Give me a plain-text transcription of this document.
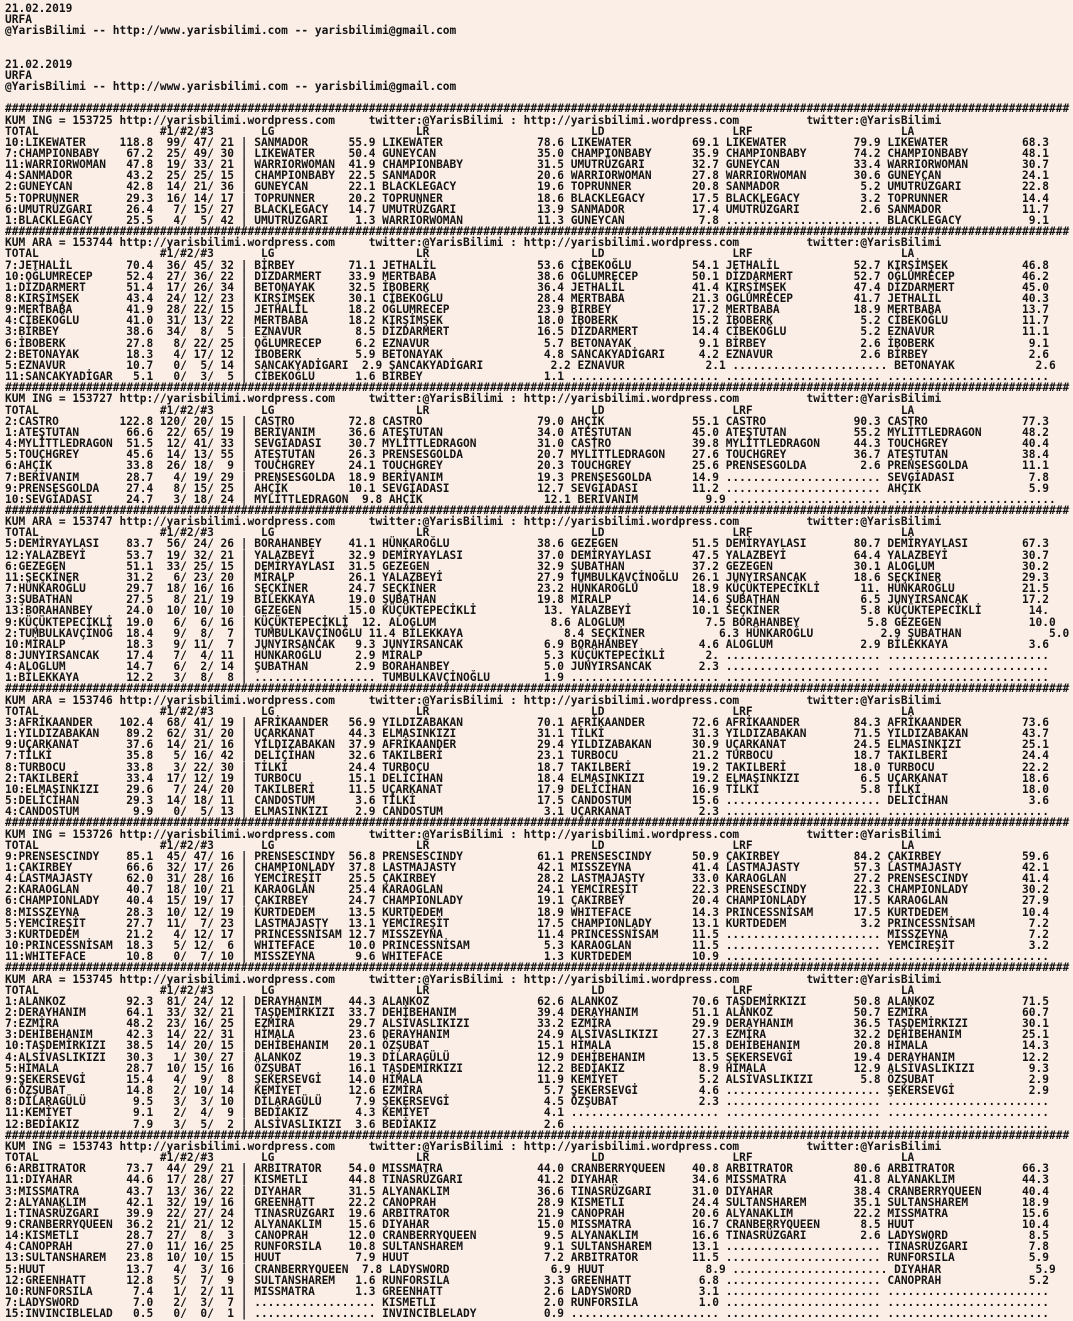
21.02.2019
URFA
@YarisBilimi -- http://www.yarisbilimi.com -- yarisbilimi@gmail.com
21.02.2019
URFA
@YarisBilimi -- http://www.yarisbilimi.com -- yarisbilimi@gmail.com
##############################################################################################################################################################
KUM ING = 153725 http://yarisbilimi.wordpress.com     twitter:@YarisBilimi : http://yarisbilimi.wordpress.com          twitter:@YarisBilimi
TOTAL                  #1/#2/#3       LG                     LR                        LD                   LRF                      LA
10:LIKEWATER     118.8  99/ 47/ 21 | SANMADOR      55.9 LIKEWATER              78.6 LIKEWATER         69.1 LIKEWATER          79.9 LIKEWATER           68.3
7:CHAMPIONBABY    67.2  25/ 49/ 30 | LIKEWATER     50.4 GUNEYCAN               35.0 CHAMPIONBABY      35.9 CHAMPIONBABY       74.2 CHAMPIONBABY        48.1
11:WARRIORWOMAN   47.8  19/ 33/ 21 | WARRIORWOMAN  41.9 CHAMPIONBABY           31.5 UMUTRÜZGARI       32.7 GUNEYCAN           33.4 WARRIORWOMAN        30.7
4:SANMADOR        43.2  25/ 25/ 15 | CHAMPIONBABY  22.5 SANMADOR               20.6 WARRIORWOMAN      27.8 WARRIORWOMAN       30.6 GUNEYCAN            24.1
2:GUNEYCAN        42.8  14/ 21/ 36 | GUNEYCAN      22.1 BLACKLEGACY            19.6 TOPRUNNER         20.8 SANMADOR            5.2 UMUTRÜZGARI         22.8
5:TOPRUNNER       29.3  16/ 14/ 17 | TOPRUNNER     20.2 TOPRUNNER              18.6 BLACKLEGACY       17.5 BLACKLEGACY         3.2 TOPRUNNER           14.4
6:UMUTRÜZGARI     26.4   7/ 15/ 27 | BLACKLEGACY   14.7 UMUTRÜZGARI            13.9 SANMADOR          17.4 UMUTRÜZGARI         2.6 SANMADOR            11.7
1:BLACKLEGACY     25.5   4/  5/ 42 | UMUTRÜZGARI    1.3 WARRIORWOMAN           11.3 GUNEYCAN           7.8 ....................... BLACKLEGACY          9.1
##############################################################################################################################################################
KUM ARA = 153744 http://yarisbilimi.wordpress.com     twitter:@YarisBilimi : http://yarisbilimi.wordpress.com          twitter:@YarisBilimi
TOTAL                  #1/#2/#3       LG                     LR                        LD                   LRF                      LA
7:JETHALİL        70.4  36/ 45/ 32 | BİRBEY        71.1 JETHALİL               53.6 CİBEKOĞLU         54.1 JETHALİL           52.7 KIRŞİMŞEK           46.8
10:OĞLUMRECEP     52.4  27/ 36/ 22 | DİZDARMERT    33.9 MERTBABA               38.6 OĞLUMRECEP        50.1 DİZDARMERT         52.7 OĞLUMRECEP          46.2
1:DİZDARMERT      51.4  17/ 26/ 34 | BETONAYAK     32.5 İBOBERK                36.4 JETHALİL          41.4 KIRŞİMŞEK          47.4 DİZDARMERT          45.0
8:KIRŞİMŞEK       43.4  24/ 12/ 23 | KIRŞİMŞEK     30.1 CİBEKOĞLU              28.4 MERTBABA          21.3 OĞLUMRECEP         41.7 JETHALİL            40.3
9:MERTBABA        41.9  28/ 22/ 15 | JETHALİL      18.2 OĞLUMRECEP             23.9 BİRBEY            17.2 MERTBABA           18.9 MERTBABA            13.7
4:CİBEKOĞLU       41.0  31/ 13/ 22 | MERTBABA      18.2 KIRŞİMŞEK              18.0 İBOBERK           15.2 İBOBERK             5.2 CİBEKOĞLU           11.7
3:BİRBEY          38.6  34/  8/  5 | EZNAVUR        8.5 DİZDARMERT             16.5 DİZDARMERT        14.4 CİBEKOĞLU           5.2 EZNAVUR             11.1
6:İBOBERK         27.8   8/ 22/ 25 | OĞLUMRECEP     6.2 EZNAVUR                 5.7 BETONAYAK          9.1 BİRBEY              2.6 İBOBERK              9.1
2:BETONAYAK       18.3   4/ 17/ 12 | İBOBERK        5.9 BETONAYAK               4.8 SANCAKYADİGARI     4.2 EZNAVUR             2.6 BİRBEY               2.6
5:EZNAVUR         10.7   0/  5/ 14 | SANCAKYADİGARI  2.9 SANCAKYADİGARI          2.2 EZNAVUR            2.1 ....................... BETONAYAK            2.6
11:SANCAKYADİGAR   5.1   0/  3/  5 | CİBEKOĞLU      1.6 BİRBEY                  1.1 ...................... ....................... ........................
##############################################################################################################################################################
KUM ING = 153727 http://yarisbilimi.wordpress.com     twitter:@YarisBilimi : http://yarisbilimi.wordpress.com          twitter:@YarisBilimi
TOTAL                  #1/#2/#3       LG                     LR                        LD                   LRF                      LA
2:CASTRO         122.8 120/ 20/ 15 | CASTRO        72.8 CASTRO                 79.0 AHÇİK             55.1 CASTRO             90.3 CASTRO              77.3
1:ATEŞTUTAN       66.6  22/ 65/ 19 | BERİVANIM     36.6 ATEŞTUTAN              34.0 ATEŞTUTAN         45.0 ATEŞTUTAN          55.2 MYLİTTLEDRAGON      48.2
4:MYLİTTLEDRAGON  51.5  12/ 41/ 33 | SEVGİADASI    30.7 MYLİTTLEDRAGON         31.0 CASTRO            39.8 MYLİTTLEDRAGON     44.3 TOUCHGREY           40.4
5:TOUCHGREY       45.6  14/ 13/ 55 | ATEŞTUTAN     26.3 PRENSESGOLDA           20.7 MYLİTTLEDRAGON    27.6 TOUCHGREY          36.7 ATEŞTUTAN           38.4
6:AHÇİK           33.8  26/ 18/  9 | TOUCHGREY     24.1 TOUCHGREY              20.3 TOUCHGREY         25.6 PRENSESGOLDA        2.6 PRENSESGOLDA        11.1
7:BERİVANIM       28.7   4/ 19/ 29 | PRENSESGOLDA  18.9 BERİVANIM              19.3 PRENSESGOLDA      14.9 ....................... SEVGİADASI           7.8
9:PRENSESGOLDA    27.4   8/ 15/ 25 | AHÇİK         10.1 SEVGİADASI             12.7 SEVGİADASI        11.2 ....................... AHÇİK                5.9
10:SEVGİADASI     24.7   3/ 18/ 24 | MYLİTTLEDRAGON  9.8 AHÇİK                  12.1 BERİVANIM          9.9 ....................... ........................
##############################################################################################################################################################
KUM ARA = 153747 http://yarisbilimi.wordpress.com     twitter:@YarisBilimi : http://yarisbilimi.wordpress.com          twitter:@YarisBilimi
TOTAL                  #1/#2/#3       LG                     LR                        LD                   LRF                      LA
5:DEMİRYAYLASI    83.7  56/ 24/ 26 | BORAHANBEY    41.1 HÜNKAROĞLU             38.6 GEZEGEN           51.5 DEMİRYAYLASI       80.7 DEMİRYAYLASI        67.3
12:YALAZBEYİ      53.7  19/ 32/ 21 | YALAZBEYİ     32.9 DEMİRYAYLASI           37.0 DEMİRYAYLASI      47.5 YALAZBEYİ          64.4 YALAZBEYİ           30.7
6:GEZEGEN         51.1  33/ 25/ 15 | DEMİRYAYLASI  31.5 GEZEGEN                32.9 ŞUBATHAN          37.2 GEZEGEN            30.1 ALOGLUM             30.2
11:SEÇKİNER       31.2   6/ 23/ 20 | MİRALP        26.1 YALAZBEYİ              27.9 TUMBULKAVÇİNOĞLU  26.1 JUNYIRSANCAK       18.6 SEÇKİNER            29.3
7:HÜNKAROĞLU      29.7  18/ 16/ 16 | SEÇKİNER      24.7 SEÇKİNER               23.2 HÜNKAROĞLU        18.9 KÜÇÜKTEPECİKLİ      11. HÜNKAROĞLU          21.5
3:ŞUBATHAN        27.5   8/ 21/ 19 | BİLEKKAYA     19.0 ŞUBATHAN               19.8 MİRALP            14.6 ŞUBATHAN            6.5 JUNYIRSANCAK        17.2
13:BORAHANBEY     24.0  10/ 10/ 10 | GEZEGEN       15.0 KÜÇÜKTEPECİKLİ          13. YALAZBEYİ         10.1 SEÇKİNER            5.8 KÜÇÜKTEPECİKLİ       14.
9:KÜÇÜKTEPECİKLİ  19.0   6/  6/ 16 | KÜÇÜKTEPECİKLİ  12. ALOGLUM                 8.6 ALOGLUM            7.5 BORAHANBEY          5.8 GEZEGEN             10.0
2:TUMBULKAVÇİNOĞ  18.4   9/  8/  7 | TUMBULKAVÇİNOĞLU 11.4 BİLEKKAYA               8.4 SEÇKİNER           6.3 HÜNKAROĞLU          2.9 ŞUBATHAN             5.0
10:MİRALP         18.3   9/ 11/  7 | JUNYIRSANCAK   9.3 JUNYIRSANCAK            6.9 BORAHANBEY         4.6 ALOGLUM             2.9 BİLEKKAYA            3.6
8:JUNYIRSANCAK    17.4   7/  4/ 11 | HÜNKAROĞLU     2.9 MİRALP                  5.3 KÜÇÜKTEPECİKLİ      2. ....................... ........................
4:ALOGLUM         14.7   6/  2/ 14 | ŞUBATHAN       2.9 BORAHANBEY              5.0 JUNYIRSANCAK       2.3 ....................... ........................
1:BİLEKKAYA       12.2   3/  8/  8 | .................. TUMBULKAVÇİNOĞLU        1.9 ...................... ....................... ........................
##############################################################################################################################################################
KUM ARA = 153746 http://yarisbilimi.wordpress.com     twitter:@YarisBilimi : http://yarisbilimi.wordpress.com          twitter:@YarisBilimi
TOTAL                  #1/#2/#3       LG                     LR                        LD                   LRF                      LA
3:AFRİKAANDER    102.4  68/ 41/ 19 | AFRİKAANDER   56.9 YILDIZABAKAN           70.1 AFRİKAANDER       72.6 AFRİKAANDER        84.3 AFRİKAANDER         73.6
1:YILDIZABAKAN    89.2  62/ 31/ 20 | UÇARKANAT     44.3 ELMASINKIZI            31.1 TİLKİ             31.3 YILDIZABAKAN       71.5 YILDIZABAKAN        43.7
9:UÇARKANAT       37.6  14/ 21/ 16 | YILDIZABAKAN  37.9 AFRİKAANDER            29.4 YILDIZABAKAN      30.9 UÇARKANAT          24.5 ELMASINKIZI         25.1
7:TİLKİ           35.8   5/ 16/ 42 | DELİÇİHAN     32.6 TAKILBERİ              23.1 TURBOCU           21.2 TURBOCU            18.7 TAKILBERİ           24.4
8:TURBOCU         33.8   3/ 22/ 30 | TİLKİ         24.4 TURBOCU                18.7 TAKILBERİ         19.2 TAKILBERİ          18.0 TURBOCU             22.2
2:TAKILBERİ       33.4  17/ 12/ 19 | TURBOCU       15.1 DELİCİHAN              18.4 ELMASINKIZI       19.2 ELMASINKIZI         6.5 UÇARKANAT           18.6
10:ELMASINKIZI    29.6   7/ 24/ 20 | TAKILBERİ     11.5 UÇARKANAT              17.9 DELİCİHAN         16.9 TİLKİ               5.8 TİLKİ               18.0
5:DELİCİHAN       29.3  14/ 18/ 11 | CANDOSTUM      3.6 TİLKİ                  17.5 CANDOSTUM         15.6 ....................... DELİCİHAN            3.6
4:CANDOSTUM        9.9   0/  5/ 13 | ELMASINKIZI    2.9 CANDOSTUM               3.1 UÇARKANAT          2.3 ....................... ........................
##############################################################################################################################################################
KUM ING = 153726 http://yarisbilimi.wordpress.com     twitter:@YarisBilimi : http://yarisbilimi.wordpress.com          twitter:@YarisBilimi
TOTAL                  #1/#2/#3       LG                     LR                        LD                   LRF                      LA
9:PRENSESCINDY    85.1  45/ 47/ 16 | PRENSESCINDY  56.8 PRENSESCINDY           61.1 PRENSESCINDY      50.9 ÇAKIRBEY           84.2 ÇAKIRBEY            59.6
1:ÇAKIRBEY        66.6  32/ 17/ 26 | CHAMPIONLADY  37.8 LASTMAJASTY            42.1 MISSZEYNA         41.4 LASTMAJASTY        57.3 LASTMAJASTY         42.1
4:LASTMAJASTY     62.0  31/ 28/ 16 | YEMCİREŞİT    25.5 ÇAKIRBEY               28.2 LASTMAJASTY       33.0 KARAOGLAN          27.2 PRENSESCINDY        41.4
2:KARAOGLAN       40.7  18/ 10/ 21 | KARAOGLAN     25.4 KARAOGLAN              24.1 YEMCİREŞİT        22.3 PRENSESCINDY       22.3 CHAMPIONLADY        30.2
6:CHAMPIONLADY    40.4  15/ 19/ 17 | ÇAKIRBEY      24.7 CHAMPIONLADY           19.1 ÇAKIRBEY          20.4 CHAMPIONLADY       17.5 KARAOGLAN           27.9
8:MISSZEYNA       28.3  10/ 12/ 19 | KURTDEDEM     13.5 KURTDEDEM              18.9 WHITEFACE         14.3 PRINCESSNİSAM      17.5 KURTDEDEM           10.4
5:YEMCİREŞİT      27.7  11/  7/ 23 | LASTMAJASTY   13.1 YEMCİREŞİT             17.5 CHAMPIONLADY      13.1 KURTDEDEM           3.2 PRINCESSNİSAM        7.2
3:KURTDEDEM       21.2   4/ 12/ 17 | PRINCESSNİSAM 12.7 MISSZEYNA              11.4 PRINCESSNİSAM     11.5 ....................... MISSZEYNA            7.2
10:PRINCESSNİSAM  18.3   5/ 12/  6 | WHITEFACE     10.0 PRINCESSNİSAM           5.3 KARAOGLAN         11.5 ....................... YEMCİREŞİT           3.2
11:WHITEFACE      10.8   0/  7/ 10 | MISSZEYNA      9.6 WHITEFACE               1.3 KURTDEDEM         10.9 ....................... ........................
##############################################################################################################################################################
KUM ARA = 153745 http://yarisbilimi.wordpress.com     twitter:@YarisBilimi : http://yarisbilimi.wordpress.com          twitter:@YarisBilimi
TOTAL                  #1/#2/#3       LG                     LR                        LD                   LRF                      LA
1:ALANKOZ         92.3  81/ 24/ 12 | DERAYHANIM    44.3 ALANKOZ                62.6 ALANKOZ           70.6 TAŞDEMİRKIZI       50.8 ALANKOZ             71.5
2:DERAYHANIM      64.1  33/ 32/ 21 | TAŞDEMİRKIZI  33.7 DEHİBEHANIM            39.4 DERAYHANIM        51.1 ALANKOZ            50.7 EZMİRA              60.7
7:EZMİRA          48.2  23/ 16/ 25 | EZMİRA        29.7 ALSİVASLIKIZI          33.2 EZMİRA            29.9 DERAYHANIM         36.5 TAŞDEMİRKIZI        30.1
3:DEHİBEHANIM     42.3  14/ 22/ 31 | HİMALA        23.6 DERAYHANIM             24.9 ALSİVASLIKIZI     27.3 EZMİRA             32.2 DEHİBEHANIM         25.1
10:TAŞDEMİRKIZI   38.5  14/ 20/ 15 | DEHİBEHANIM   20.1 ÖZŞUBAT                15.1 HİMALA            15.8 DEHİBEHANIM        20.8 HİMALA              14.3
4:ALSİVASLIKIZI   30.3   1/ 30/ 27 | ALANKOZ       19.3 DİLARAGÜLÜ             12.9 DEHİBEHANIM       13.5 ŞEKERSEVGİ         19.4 DERAYHANIM          12.2
5:HİMALA          28.7  10/ 15/ 16 | ÖZŞUBAT       16.1 TAŞDEMİRKIZI           12.2 BEDİAKIZ           8.9 HİMALA             12.9 ALSİVASLIKIZI        9.3
9:ŞEKERSEVGİ      15.4   4/  9/  8 | ŞEKERSEVGİ    14.0 HİMALA                 11.9 KEMİYET            5.2 ALSİVASLIKIZI       5.8 ÖZŞUBAT              2.9
6:ÖZŞUBAT         14.8   2/ 10/ 14 | KEMİYET       12.6 EZMİRA                  5.7 ŞEKERSEVGİ         4.6 ....................... ŞEKERSEVGİ           2.9
8:DİLARAGÜLÜ       9.5   3/  3/ 10 | DİLARAGÜLÜ     7.9 ŞEKERSEVGİ              4.5 ÖZŞUBAT            2.3 ....................... ........................
11:KEMİYET         9.1   2/  4/  9 | BEDİAKIZ       4.3 KEMİYET                 4.1 ...................... ....................... ........................
12:BEDİAKIZ        7.9   3/  5/  2 | ALSİVASLIKIZI  3.6 BEDİAKIZ                2.6 ...................... ....................... ........................
##############################################################################################################################################################
KUM ING = 153743 http://yarisbilimi.wordpress.com     twitter:@YarisBilimi : http://yarisbilimi.wordpress.com          twitter:@YarisBilimi
TOTAL                  #1/#2/#3       LG                     LR                        LD                   LRF                      LA
6:ARBITRATOR      73.7  44/ 29/ 21 | ARBITRATOR    54.0 MISSMATRA              44.0 CRANBERRYQUEEN    40.8 ARBITRATOR         80.6 ARBITRATOR          66.3
11:DIYAHAR        44.6  17/ 28/ 27 | KISMETLI      44.8 TINASRÜZGARI           41.2 DIYAHAR           34.6 MISSMATRA          41.8 ALYANAKLIM          44.3
3:MISSMATRA       43.7  13/ 36/ 22 | DIYAHAR       31.5 ALYANAKLIM             36.6 TINASRÜZGARI      31.0 DIYAHAR            38.4 CRANBERRYQUEEN      40.4
2:ALYANAKLIM      42.1  32/ 19/ 16 | GREENHATT     22.2 CANOPRAH               28.9 KISMETLI          24.4 SULTANSHAREM       35.1 SULTANSHAREM        18.9
1:TINASRÜZGARI    39.9  22/ 27/ 24 | TINASRÜZGARI  19.6 ARBITRATOR             21.9 CANOPRAH          20.6 ALYANAKLIM         22.2 MISSMATRA           15.6
9:CRANBERRYQUEEN  36.2  21/ 21/ 12 | ALYANAKLIM    15.6 DIYAHAR                15.0 MISSMATRA         16.7 CRANBERRYQUEEN      8.5 HUUT                10.4
14:KISMETLI       28.7  27/  8/  3 | CANOPRAH      12.0 CRANBERRYQUEEN          9.5 ALYANAKLIM        16.6 TINASRÜZGARI        2.6 LADYSWORD            8.5
4:CANOPRAH        27.0  11/ 16/ 25 | RUNFORSILA    10.8 SULTANSHAREM            9.1 SULTANSHAREM      13.1 ....................... TINASRÜZGARI         7.8
13:SULTANSHAREM   23.8  10/ 10/ 15 | HUUT           7.9 HUUT                    7.2 ARBITRATOR        11.5 ....................... RUNFORSILA           5.9
5:HUUT            13.7   4/  3/ 16 | CRANBERRYQUEEN  7.8 LADYSWORD               6.9 HUUT               8.9 ....................... DIYAHAR              5.9
12:GREENHATT      12.8   5/  7/  9 | SULTANSHAREM   1.6 RUNFORSILA              3.3 GREENHATT          6.8 ....................... CANOPRAH             5.2
10:RUNFORSILA      7.4   1/  2/ 11 | MISSMATRA      1.3 GREENHATT               2.6 LADYSWORD          3.1 ....................... ........................
7:LADYSWORD        7.0   2/  3/  7 | .................. KISMETLI                2.0 RUNFORSILA         1.0 ....................... ........................
15:INVINCIBLELAD   0.5   0/  0/  1 | .................. INVINCIBLELADY          0.9 ...................... ....................... ........................
